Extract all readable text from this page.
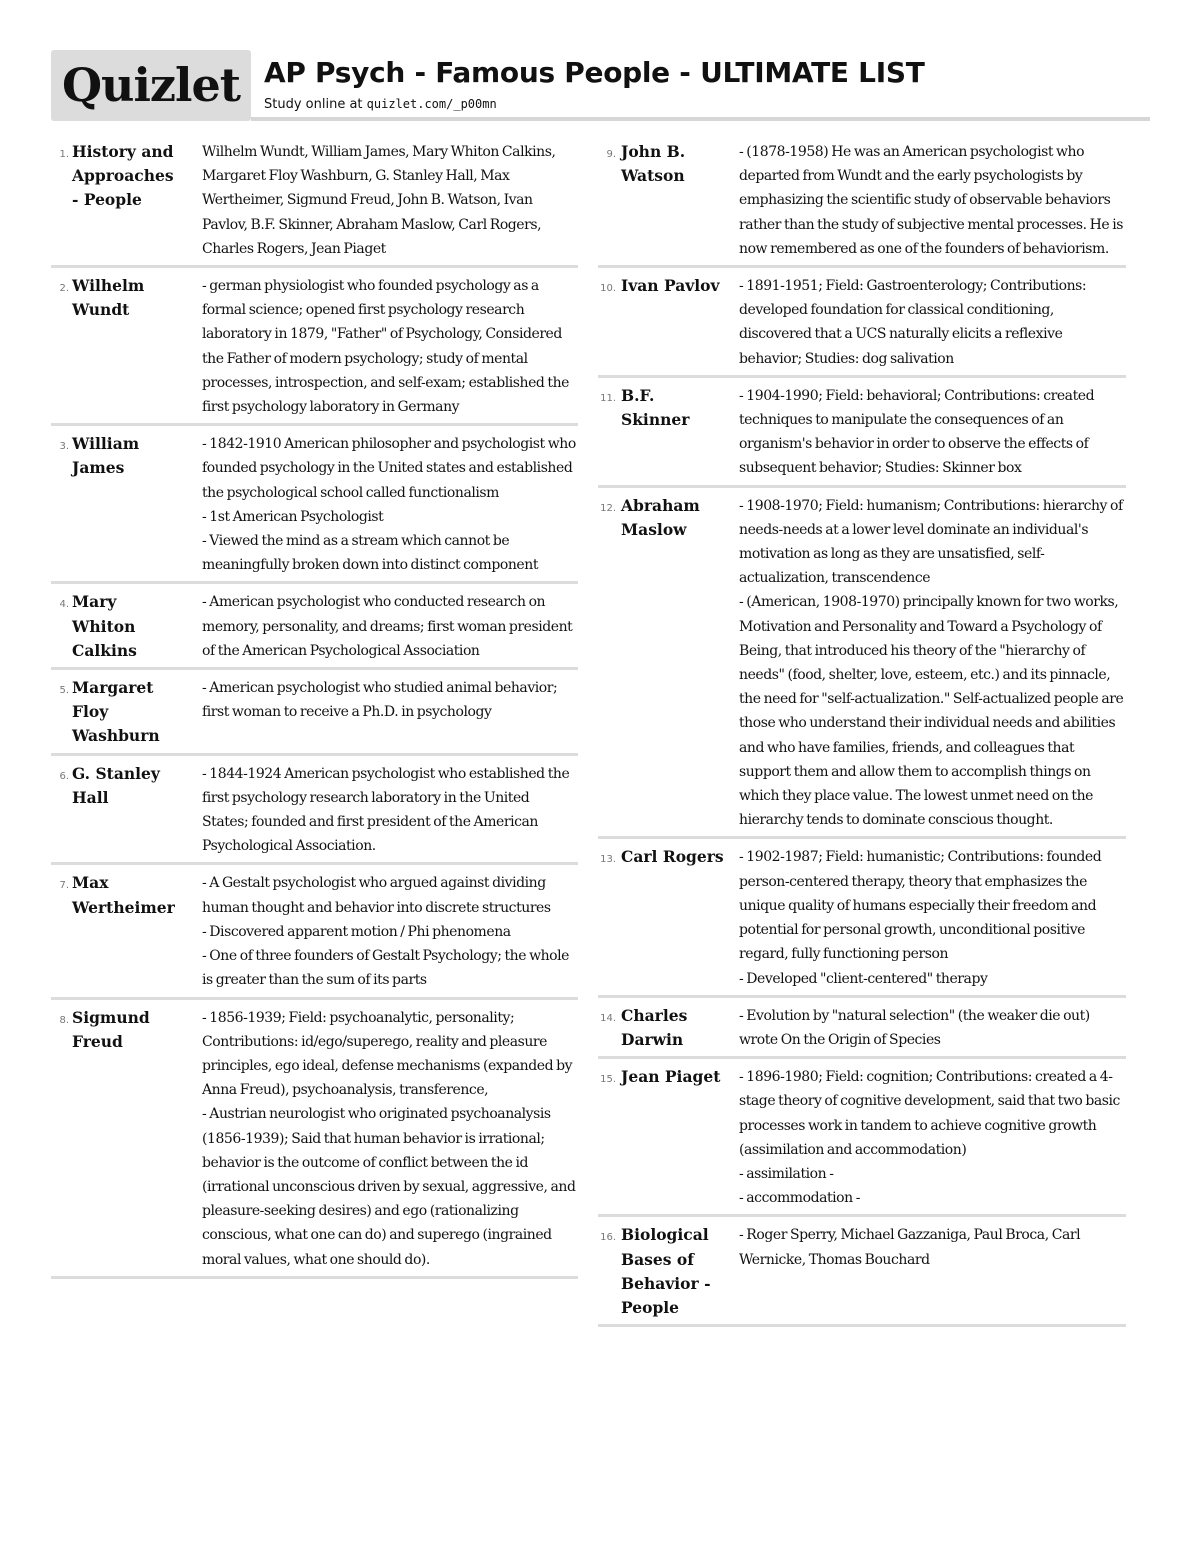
Quizlet AP Psych - Famous People - ULTIMATE LIST
Study online at quizlet.com/_p00mn
1. History and Approaches - People
Wilhelm Wundt, William James, Mary Whiton Calkins, Margaret Floy Washburn, G. Stanley Hall, Max Wertheimer, Sigmund Freud, John B. Watson, Ivan Pavlov, B.F. Skinner, Abraham Maslow, Carl Rogers, Charles Rogers, Jean Piaget
2. Wilhelm Wundt
- german physiologist who founded psychology as a formal science; opened first psychology research laboratory in 1879, "Father" of Psychology, Considered the Father of modern psychology; study of mental processes, introspection, and self-exam; established the first psychology laboratory in Germany
3. William James
- 1842-1910 American philosopher and psychologist who founded psychology in the United states and established the psychological school called functionalism
- 1st American Psychologist
- Viewed the mind as a stream which cannot be meaningfully broken down into distinct component
4. Mary Whiton Calkins
- American psychologist who conducted research on memory, personality, and dreams; first woman president of the American Psychological Association
5. Margaret Floy Washburn
- American psychologist who studied animal behavior; first woman to receive a Ph.D. in psychology
6. G. Stanley Hall
- 1844-1924 American psychologist who established the first psychology research laboratory in the United States; founded and first president of the American Psychological Association.
7. Max Wertheimer
- A Gestalt psychologist who argued against dividing human thought and behavior into discrete structures
- Discovered apparent motion / Phi phenomena
- One of three founders of Gestalt Psychology; the whole is greater than the sum of its parts
8. Sigmund Freud
- 1856-1939; Field: psychoanalytic, personality; Contributions: id/ego/superego, reality and pleasure principles, ego ideal, defense mechanisms (expanded by Anna Freud), psychoanalysis, transference,
- Austrian neurologist who originated psychoanalysis (1856-1939); Said that human behavior is irrational; behavior is the outcome of conflict between the id (irrational unconscious driven by sexual, aggressive, and pleasure-seeking desires) and ego (rationalizing conscious, what one can do) and superego (ingrained moral values, what one should do).
9. John B. Watson
- (1878-1958) He was an American psychologist who departed from Wundt and the early psychologists by emphasizing the scientific study of observable behaviors rather than the study of subjective mental processes. He is now remembered as one of the founders of behaviorism.
10. Ivan Pavlov	- 1891-1951; Field: Gastroenterology; Contributions: developed foundation for classical conditioning, discovered that a UCS naturally elicits a reflexive behavior; Studies: dog salivation
11. B.F. Skinner
- 1904-1990; Field: behavioral; Contributions: created techniques to manipulate the consequences of an organism's behavior in order to observe the effects of subsequent behavior; Studies: Skinner box
12. Abraham Maslow
- 1908-1970; Field: humanism; Contributions: hierarchy of needs-needs at a lower level dominate an individual's motivation as long as they are unsatisfied, self-actualization, transcendence
- (American, 1908-1970) principally known for two works, Motivation and Personality and Toward a Psychology of Being, that introduced his theory of the "hierarchy of needs" (food, shelter, love, esteem, etc.) and its pinnacle, the need for "self-actualization." Self-actualized people are those who understand their individual needs and abilities and who have families, friends, and colleagues that support them and allow them to accomplish things on which they place value. The lowest unmet need on the hierarchy tends to dominate conscious thought.
13. Carl Rogers	- 1902-1987; Field: humanistic; Contributions: founded person-centered therapy, theory that emphasizes the unique quality of humans especially their freedom and potential for personal growth, unconditional positive regard, fully functioning person
- Developed "client-centered" therapy
14. Charles Darwin
- Evolution by "natural selection" (the weaker die out) wrote On the Origin of Species
15. Jean Piaget	- 1896-1980; Field: cognition; Contributions: created a 4-stage theory of cognitive development, said that two basic processes work in tandem to achieve cognitive growth (assimilation and accommodation)
- assimilation -
- accommodation -
16. Biological Bases of Behavior - People
- Roger Sperry, Michael Gazzaniga, Paul Broca, Carl Wernicke, Thomas Bouchard
